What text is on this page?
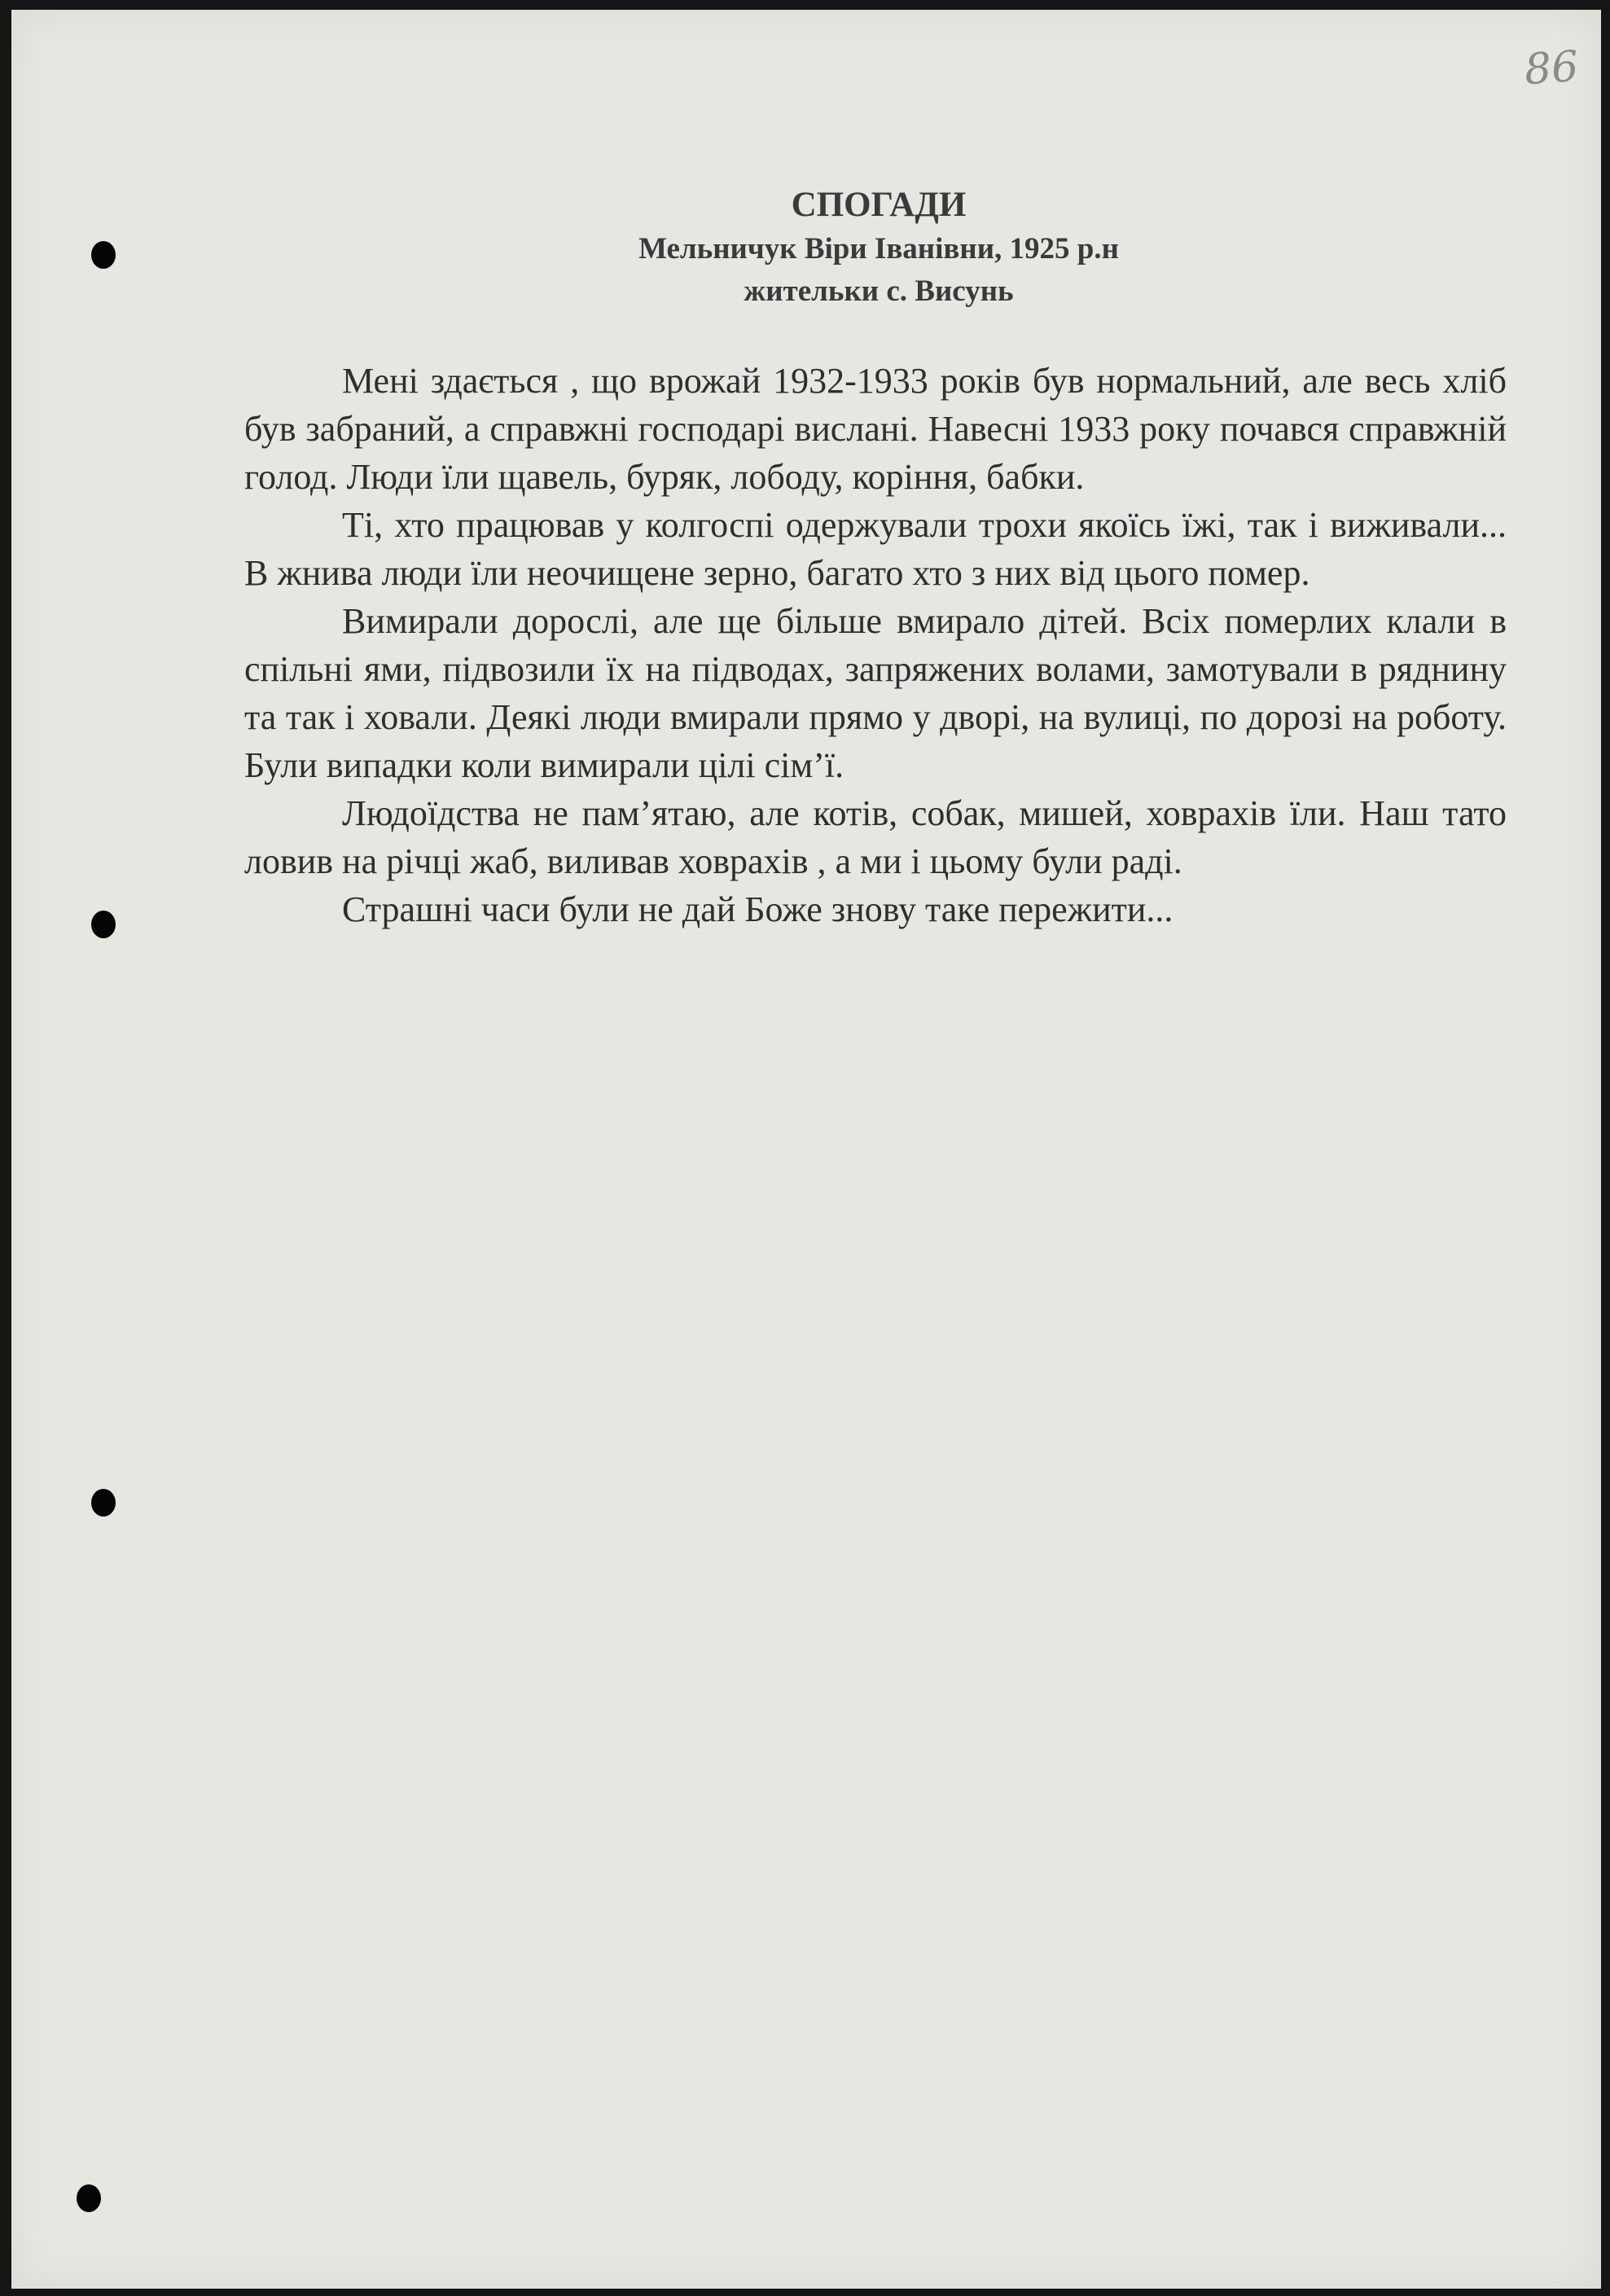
86
СПОГАДИ
Мельничук Віри Іванівни, 1925 р.н
жительки с. Висунь

Мені здається , що врожай 1932-1933 років був нормальний, але весь хліб був забраний, а справжні господарі вислані. Навесні 1933 року почався справжній голод. Люди їли щавель, буряк, лободу, коріння, бабки.

Ті, хто працював у колгоспі одержували трохи якоїсь їжі, так і виживали... В жнива люди їли неочищене зерно, багато хто з них від цього помер.

Вимирали дорослі, але ще більше вмирало дітей. Всіх померлих клали в спільні ями, підвозили їх на підводах, запряжених волами, замотували в ряднину та так і ховали. Деякі люди вмирали прямо у дворі, на вулиці, по дорозі на роботу. Були випадки коли вимирали цілі сім’ї.

Людоїдства не пам’ятаю, але котів, собак, мишей, ховрахів їли. Наш тато ловив на річці жаб, виливав ховрахів , а ми і цьому були раді.

Страшні часи були не дай Боже знову таке пережити...
